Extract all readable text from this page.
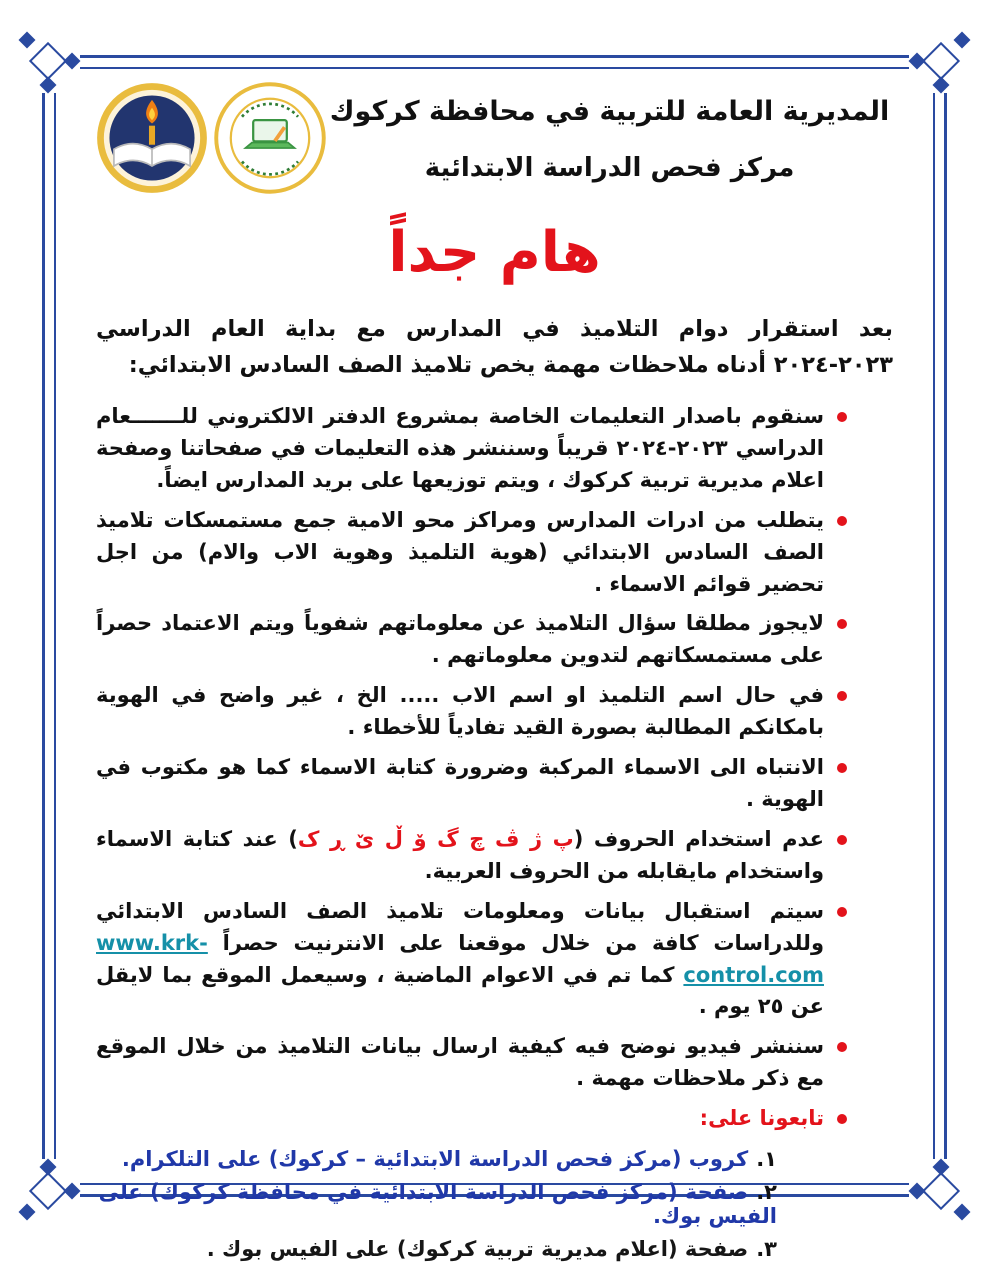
المديرية العامة للتربية في محافظة كركوك
مركز فحص الدراسة الابتدائية
هام جداً

بعد استقرار دوام التلاميذ في المدارس مع بداية العام الدراسي ٢٠٢٣-٢٠٢٤ أدناه ملاحظات مهمة يخص تلاميذ الصف السادس الابتدائي:

سنقوم باصدار التعليمات الخاصة بمشروع الدفتر الالكتروني للـــــــعام الدراسي ٢٠٢٣-٢٠٢٤ قريباً وسننشر هذه التعليمات في صفحاتنا وصفحة اعلام مديرية تربية كركوك ، ويتم توزيعها على بريد المدارس ايضاً.
يتطلب من ادرات المدارس ومراكز محو الامية جمع مستمسكات تلاميذ الصف السادس الابتدائي (هوية التلميذ وهوية الاب والام) من اجل تحضير قوائم الاسماء .
لايجوز مطلقا سؤال التلاميذ عن معلوماتهم شفوياً ويتم الاعتماد حصراً على مستمسكاتهم لتدوين معلوماتهم .
في حال اسم التلميذ او اسم الاب ..... الخ ، غير واضح في الهوية بامكانكم المطالبة بصورة القيد تفادياً للأخطاء .
الانتباه الى الاسماء المركبة وضرورة كتابة الاسماء كما هو مكتوب في الهوية .
عدم استخدام الحروف (پ ژ ڤ چ گ ۆ ڵ ێ ڕ ک) عند كتابة الاسماء واستخدام مايقابله من الحروف العربية.
سيتم استقبال بيانات ومعلومات تلاميذ الصف السادس الابتدائي وللدراسات كافة من خلال موقعنا على الانترنيت حصراً www.krk-control.com كما تم في الاعوام الماضية ، وسيعمل الموقع بما لايقل عن ٢٥ يوم .
سننشر فيديو نوضح فيه كيفية ارسال بيانات التلاميذ من خلال الموقع مع ذكر ملاحظات مهمة .
تابعونا على:
١.كروب (مركز فحص الدراسة الابتدائية – كركوك) على التلكرام.
٢.صفحة (مركز فحص الدراسة الابتدائية في محافظة كركوك) على الفيس بوك.
٣.صفحة (اعلام مديرية تربية كركوك) على الفيس بوك .
